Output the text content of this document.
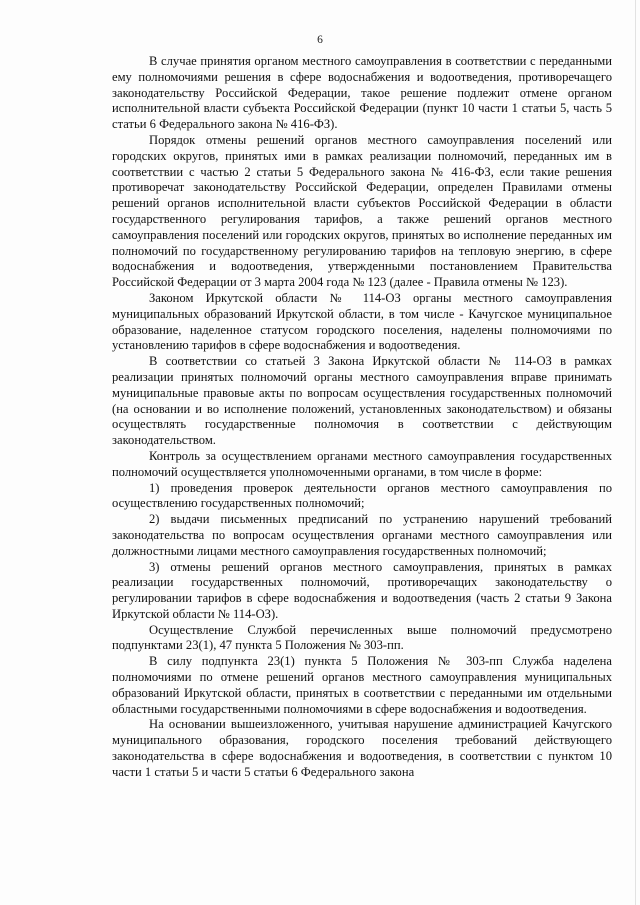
6

В случае принятия органом местного самоуправления в соответствии с переданными ему полномочиями решения в сфере водоснабжения и водоотведения, противоречащего законодательству Российской Федерации, такое решение подлежит отмене органом исполнительной власти субъекта Российской Федерации (пункт 10 части 1 статьи 5, часть 5 статьи 6 Федерального закона № 416-ФЗ).

Порядок отмены решений органов местного самоуправления поселений или городских округов, принятых ими в рамках реализации полномочий, переданных им в соответствии с частью 2 статьи 5 Федерального закона № 416-ФЗ, если такие решения противоречат законодательству Российской Федерации, определен Правилами отмены решений органов исполнительной власти субъектов Российской Федерации в области государственного регулирования тарифов, а также решений органов местного самоуправления поселений или городских округов, принятых во исполнение переданных им полномочий по государственному регулированию тарифов на тепловую энергию, в сфере водоснабжения и водоотведения, утвержденными постановлением Правительства Российской Федерации от 3 марта 2004 года № 123 (далее - Правила отмены № 123).

Законом Иркутской области № 114-ОЗ органы местного самоуправления муниципальных образований Иркутской области, в том числе - Качугское муниципальное образование, наделенное статусом городского поселения, наделены полномочиями по установлению тарифов в сфере водоснабжения и водоотведения.

В соответствии со статьей 3 Закона Иркутской области № 114-ОЗ в рамках реализации принятых полномочий органы местного самоуправления вправе принимать муниципальные правовые акты по вопросам осуществления государственных полномочий (на основании и во исполнение положений, установленных законодательством) и обязаны осуществлять государственные полномочия в соответствии с действующим законодательством.

Контроль за осуществлением органами местного самоуправления государственных полномочий осуществляется уполномоченными органами, в том числе в форме:

1) проведения проверок деятельности органов местного самоуправления по осуществлению государственных полномочий;

2) выдачи письменных предписаний по устранению нарушений требований законодательства по вопросам осуществления органами местного самоуправления или должностными лицами местного самоуправления государственных полномочий;

3) отмены решений органов местного самоуправления, принятых в рамках реализации государственных полномочий, противоречащих законодательству о регулировании тарифов в сфере водоснабжения и водоотведения (часть 2 статьи 9 Закона Иркутской области № 114-ОЗ).

Осуществление Службой перечисленных выше полномочий предусмотрено подпунктами 23(1), 47 пункта 5 Положения № 303-пп.

В силу подпункта 23(1) пункта 5 Положения № 303-пп Служба наделена полномочиями по отмене решений органов местного самоуправления муниципальных образований Иркутской области, принятых в соответствии с переданными им отдельными областными государственными полномочиями в сфере водоснабжения и водоотведения.

На основании вышеизложенного, учитывая нарушение администрацией Качугского муниципального образования, городского поселения требований действующего законодательства в сфере водоснабжения и водоотведения, в соответствии с пунктом 10 части 1 статьи 5 и части 5 статьи 6 Федерального закона
